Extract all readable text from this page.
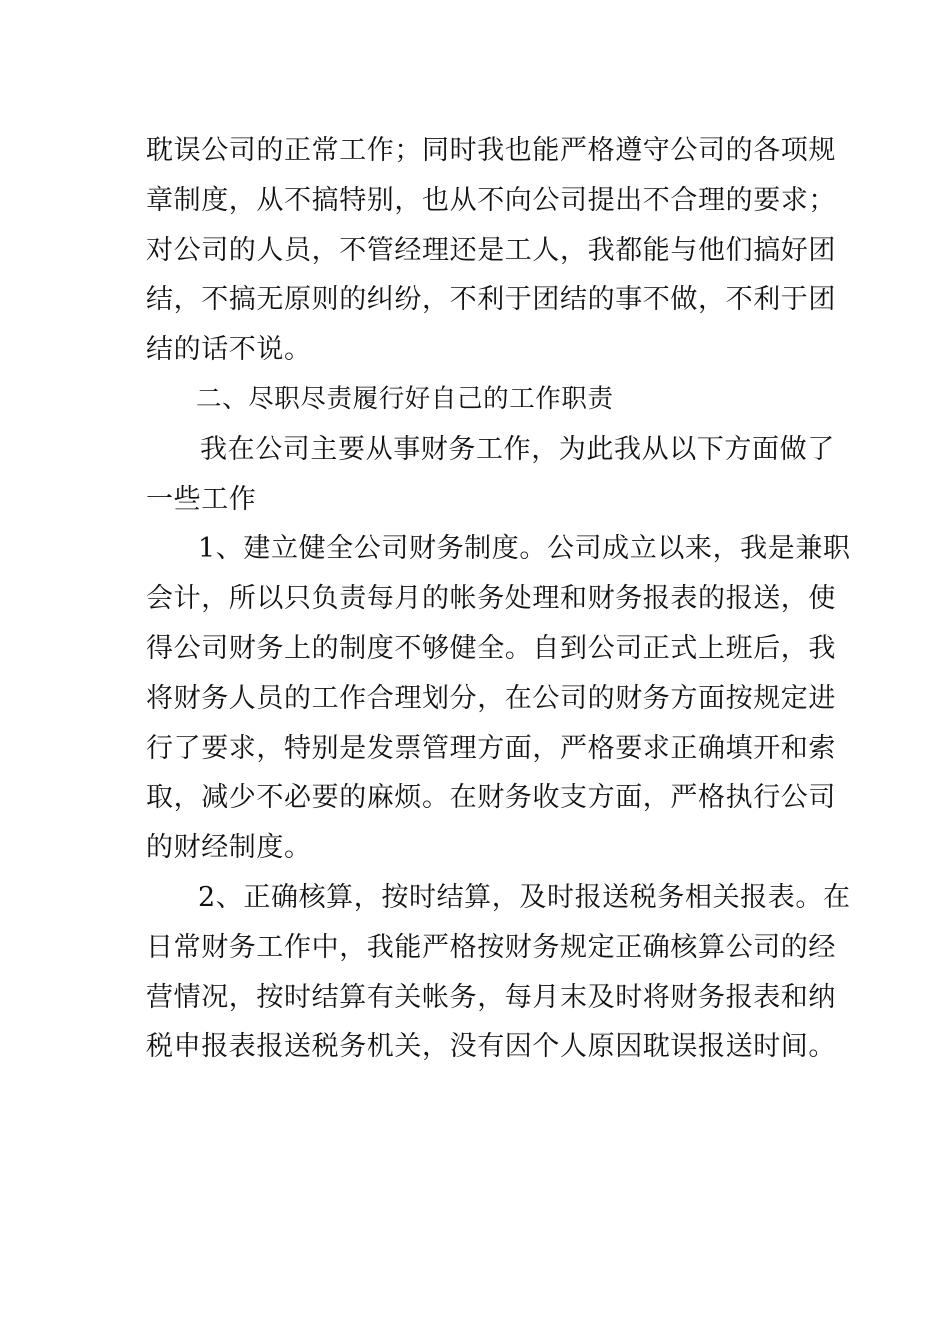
耽误公司的正常工作；同时我也能严格遵守公司的各项规
章制度，从不搞特别，也从不向公司提出不合理的要求；
对公司的人员，不管经理还是工人，我都能与他们搞好团
结，不搞无原则的纠纷，不利于团结的事不做，不利于团
结的话不说。
二、尽职尽责履行好自己的工作职责
我在公司主要从事财务工作，为此我从以下方面做了
一些工作
1、建立健全公司财务制度。公司成立以来，我是兼职
会计，所以只负责每月的帐务处理和财务报表的报送，使
得公司财务上的制度不够健全。自到公司正式上班后，我
将财务人员的工作合理划分，在公司的财务方面按规定进
行了要求，特别是发票管理方面，严格要求正确填开和索
取，减少不必要的麻烦。在财务收支方面，严格执行公司
的财经制度。
2、正确核算，按时结算，及时报送税务相关报表。在
日常财务工作中，我能严格按财务规定正确核算公司的经
营情况，按时结算有关帐务，每月末及时将财务报表和纳
税申报表报送税务机关，没有因个人原因耽误报送时间。
